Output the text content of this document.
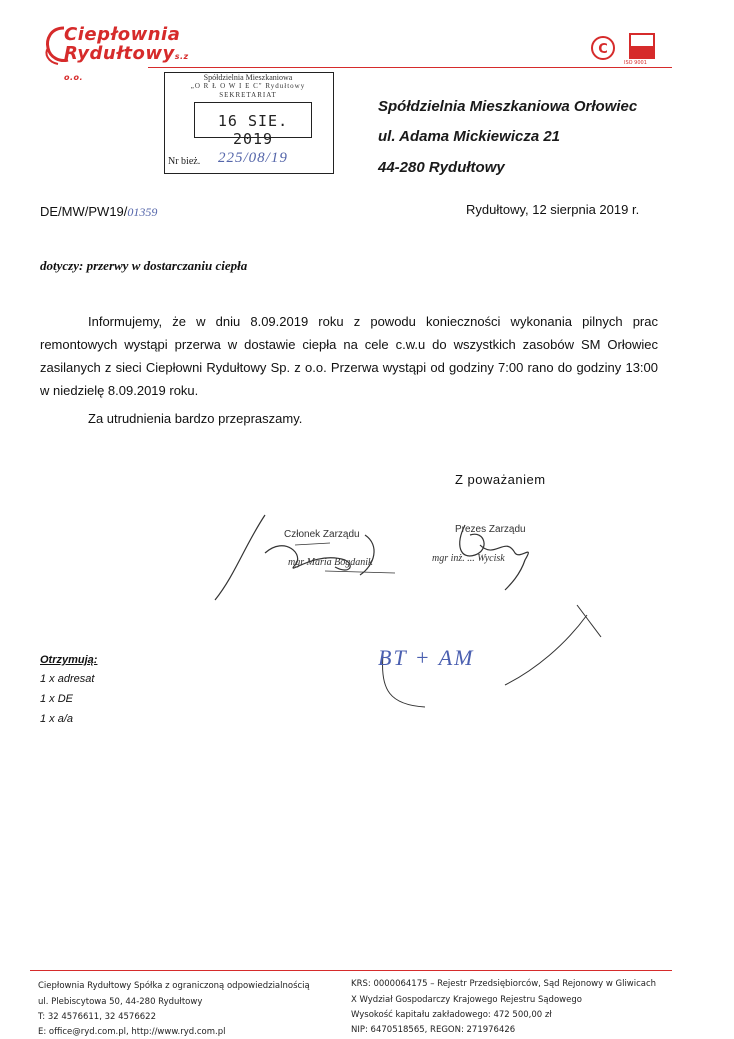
Ciepłownia
Rydułtowys.z o.o.
C
ISO 9001
Spółdzielnia Mieszkaniowa
„O R Ł O W I E C" Rydułtowy
SEKRETARIAT
16 SIE. 2019
Nr bież. 225/08/19
Spółdzielnia Mieszkaniowa Orłowiec
ul. Adama Mickiewicza 21
44-280 Rydułtowy
DE/MW/PW19/01359	Rydułtowy, 12 sierpnia 2019 r.
dotyczy: przerwy w dostarczaniu ciepła

Informujemy, że w dniu 8.09.2019 roku z powodu konieczności wykonania pilnych prac remontowych wystąpi przerwa w dostawie ciepła na cele c.w.u do wszystkich zasobów SM Orłowiec zasilanych z sieci Ciepłowni Rydułtowy Sp. z o.o. Przerwa wystąpi od godziny 7:00 rano do godziny 13:00 w niedzielę 8.09.2019 roku.

Za utrudnienia bardzo przepraszamy.
Z poważaniem
Członek Zarządu
mgr Maria Bogdanik
Prezes Zarządu
mgr inż. ... Wycisk
BT + AM
Otrzymują:
1 x adresat
1 x DE
1 x a/a
Ciepłownia Rydułtowy Spółka z ograniczoną odpowiedzialnością
ul. Plebiscytowa 50, 44-280 Rydułtowy
T: 32 4576611, 32 4576622
E: office@ryd.com.pl, http://www.ryd.com.pl
KRS: 0000064175 – Rejestr Przedsiębiorców, Sąd Rejonowy w Gliwicach
X Wydział Gospodarczy Krajowego Rejestru Sądowego
Wysokość kapitału zakładowego: 472 500,00 zł
NIP: 6470518565, REGON: 271976426
